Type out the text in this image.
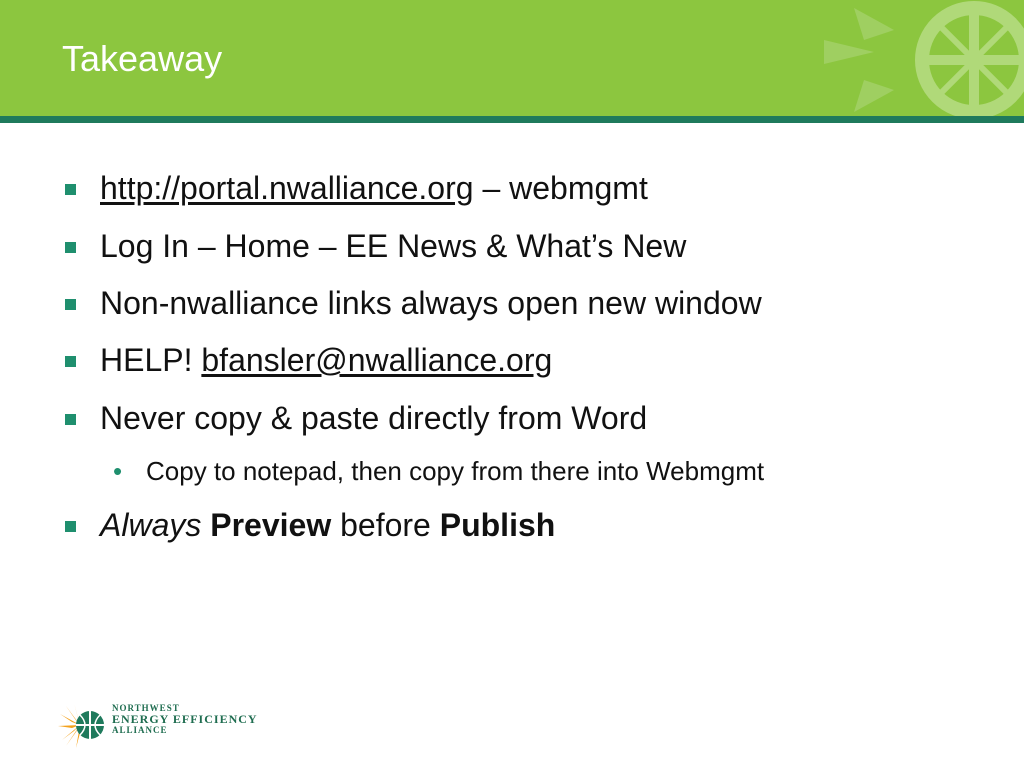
Takeaway
http://portal.nwalliance.org – webmgmt
Log In – Home – EE News & What’s New
Non-nwalliance links always open new window
HELP! bfansler@nwalliance.org
Never copy & paste directly from Word
• Copy to notepad, then copy from there into Webmgmt
Always Preview before Publish
NORTHWEST
ENERGY EFFICIENCY
ALLIANCE
